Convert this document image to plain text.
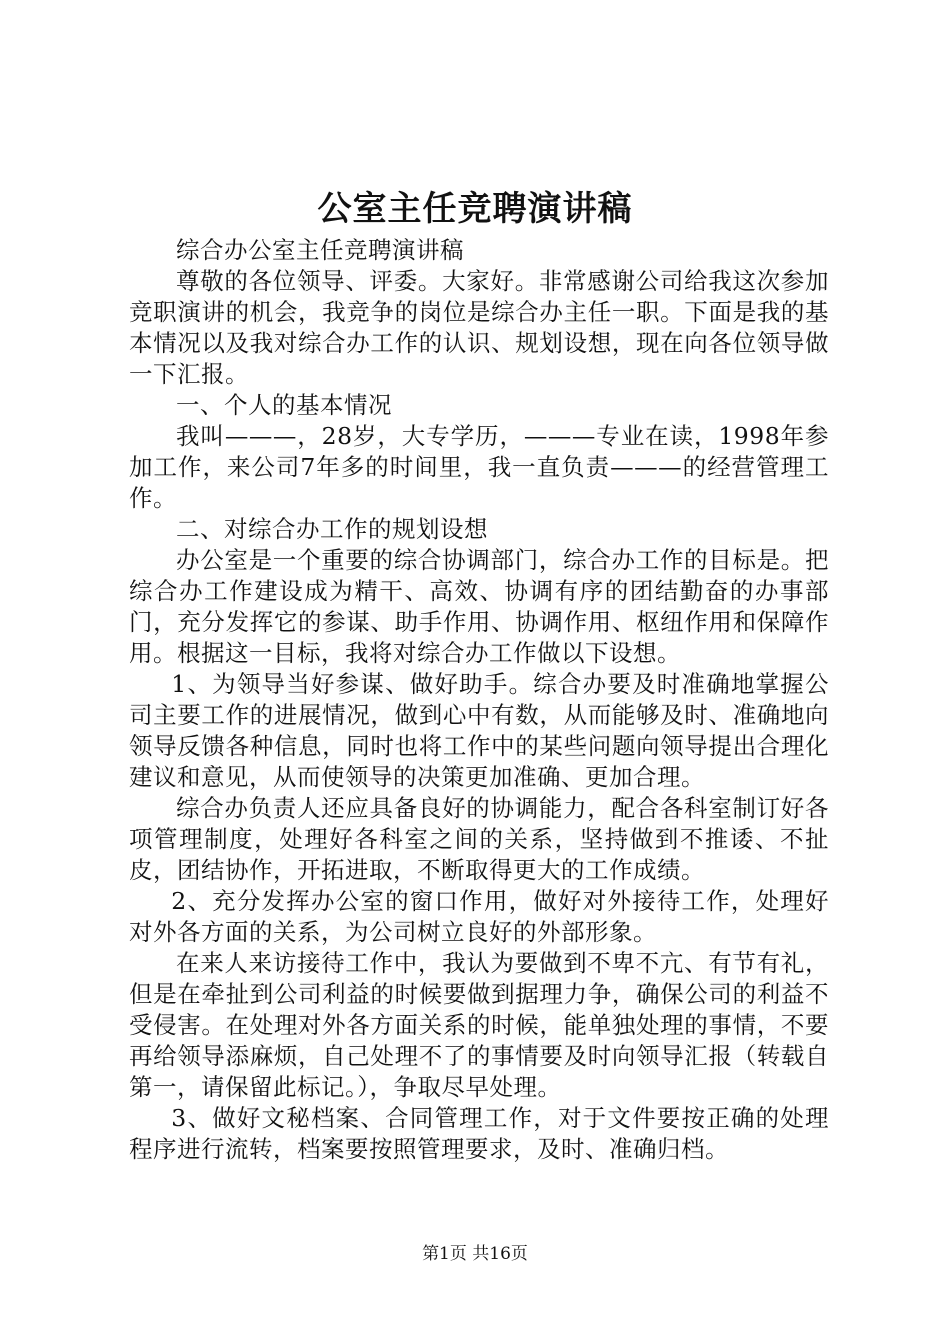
公室主任竞聘演讲稿

综合办公室主任竞聘演讲稿

尊敬的各位领导、评委。大家好。非常感谢公司给我这次参加竞职演讲的机会，我竞争的岗位是综合办主任一职。下面是我的基本情况以及我对综合办工作的认识、规划设想，现在向各位领导做一下汇报。

一、个人的基本情况

我叫———，28岁，大专学历，———专业在读，1998年参加工作，来公司7年多的时间里，我一直负责———的经营管理工作。

二、对综合办工作的规划设想

办公室是一个重要的综合协调部门，综合办工作的目标是。把综合办工作建设成为精干、高效、协调有序的团结勤奋的办事部门，充分发挥它的参谋、助手作用、协调作用、枢纽作用和保障作用。根据这一目标，我将对综合办工作做以下设想。

1、为领导当好参谋、做好助手。综合办要及时准确地掌握公司主要工作的进展情况，做到心中有数，从而能够及时、准确地向领导反馈各种信息，同时也将工作中的某些问题向领导提出合理化建议和意见，从而使领导的决策更加准确、更加合理。

综合办负责人还应具备良好的协调能力，配合各科室制订好各项管理制度，处理好各科室之间的关系，坚持做到不推诿、不扯皮，团结协作，开拓进取，不断取得更大的工作成绩。

2、充分发挥办公室的窗口作用，做好对外接待工作，处理好对外各方面的关系，为公司树立良好的外部形象。

在来人来访接待工作中，我认为要做到不卑不亢、有节有礼，但是在牵扯到公司利益的时候要做到据理力争，确保公司的利益不受侵害。在处理对外各方面关系的时候，能单独处理的事情，不要再给领导添麻烦，自己处理不了的事情要及时向领导汇报（转载自第一，请保留此标记。），争取尽早处理。

3、做好文秘档案、合同管理工作，对于文件要按正确的处理程序进行流转，档案要按照管理要求，及时、准确归档。

第1页 共16页
